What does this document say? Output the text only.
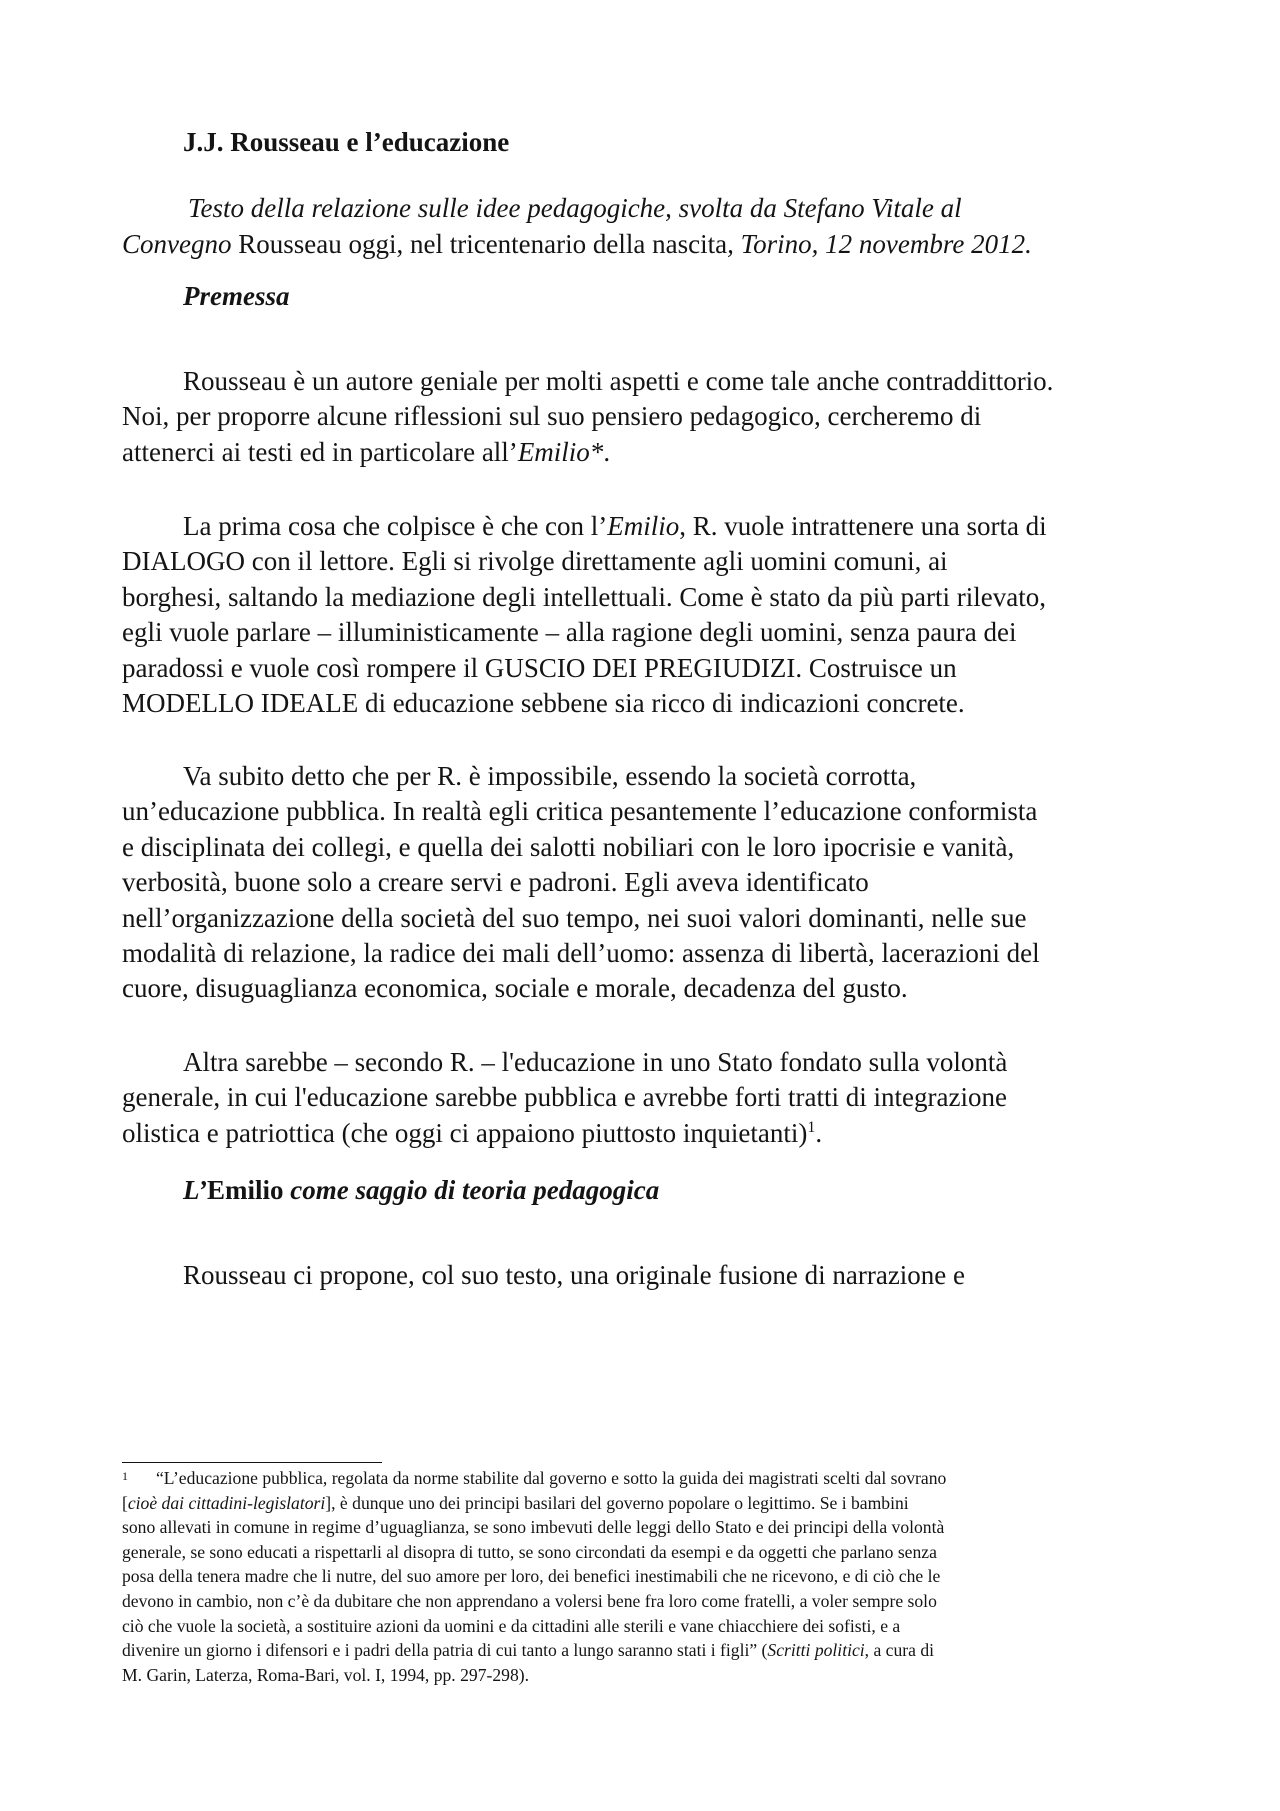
J.J. Rousseau e l’educazione
Testo della relazione sulle idee pedagogiche, svolta da Stefano Vitale al
Convegno Rousseau oggi, nel tricentenario della nascita, Torino, 12 novembre 2012.
Premessa
Rousseau è un autore geniale per molti aspetti e come tale anche contraddittorio.
Noi, per proporre alcune riflessioni sul suo pensiero pedagogico, cercheremo di
attenerci ai testi ed in particolare all’Emilio*.
La prima cosa che colpisce è che con l’Emilio, R. vuole intrattenere una sorta di
DIALOGO con il lettore. Egli si rivolge direttamente agli uomini comuni, ai
borghesi, saltando la mediazione degli intellettuali. Come è stato da più parti rilevato,
egli vuole parlare – illuministicamente – alla ragione degli uomini, senza paura dei
paradossi e vuole così rompere il GUSCIO DEI PREGIUDIZI. Costruisce un
MODELLO IDEALE di educazione sebbene sia ricco di indicazioni concrete.
Va subito detto che per R. è impossibile, essendo la società corrotta,
un’educazione pubblica. In realtà egli critica pesantemente l’educazione conformista
e disciplinata dei collegi, e quella dei salotti nobiliari con le loro ipocrisie e vanità,
verbosità, buone solo a creare servi e padroni. Egli aveva identificato
nell’organizzazione della società del suo tempo, nei suoi valori dominanti, nelle sue
modalità di relazione, la radice dei mali dell’uomo: assenza di libertà, lacerazioni del
cuore, disuguaglianza economica, sociale e morale, decadenza del gusto.
Altra sarebbe – secondo R. – l'educazione in uno Stato fondato sulla volontà
generale, in cui l'educazione sarebbe pubblica e avrebbe forti tratti di integrazione
olistica e patriottica (che oggi ci appaiono piuttosto inquietanti)$^1$.
L’Emilio come saggio di teoria pedagogica
Rousseau ci propone, col suo testo, una originale fusione di narrazione e
1	“L’educazione pubblica, regolata da norme stabilite dal governo e sotto la guida dei magistrati scelti dal sovrano
[cioè dai cittadini-legislatori], è dunque uno dei principi basilari del governo popolare o legittimo. Se i bambini
sono allevati in comune in regime d’uguaglianza, se sono imbevuti delle leggi dello Stato e dei principi della volontà
generale, se sono educati a rispettarli al disopra di tutto, se sono circondati da esempi e da oggetti che parlano senza
posa della tenera madre che li nutre, del suo amore per loro, dei benefici inestimabili che ne ricevono, e di ciò che le
devono in cambio, non c’è da dubitare che non apprendano a volersi bene fra loro come fratelli, a voler sempre solo
ciò che vuole la società, a sostituire azioni da uomini e da cittadini alle sterili e vane chiacchiere dei sofisti, e a
divenire un giorno i difensori e i padri della patria di cui tanto a lungo saranno stati i figli” (Scritti politici, a cura di
M. Garin, Laterza, Roma-Bari, vol. I, 1994, pp. 297-298).
